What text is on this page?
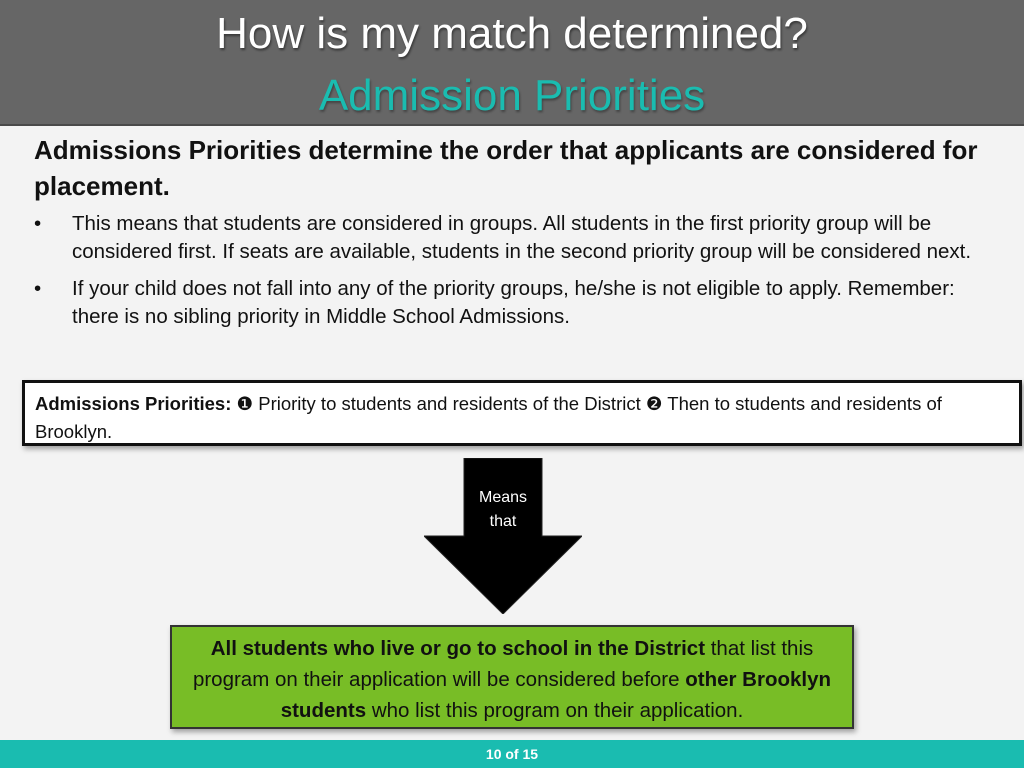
How is my match determined?
Admission Priorities
Admissions Priorities determine the order that applicants are considered for placement.
• This means that students are considered in groups. All students in the first priority group will be considered first. If seats are available, students in the second priority group will be considered next.
• If your child does not fall into any of the priority groups, he/she is not eligible to apply. Remember: there is no sibling priority in Middle School Admissions.
Admissions Priorities: ❶ Priority to students and residents of the District ❷ Then to students and residents of Brooklyn.
Means
that
All students who live or go to school in the District that list this program on their application will be considered before other Brooklyn students who list this program on their application.
10 of 15
